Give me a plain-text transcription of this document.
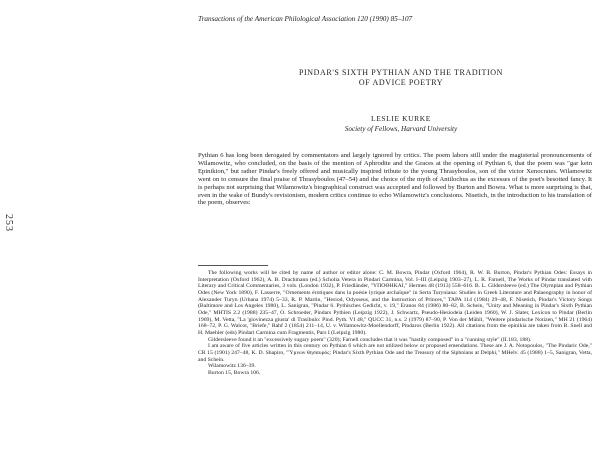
253
Transactions of the American Philological Association 120 (1990) 85–107
PINDAR'S SIXTH PYTHIAN AND THE TRADITION
OF ADVICE POETRY
LESLIE KURKE
Society of Fellows, Harvard University

Pythian 6 has long been derogated by commentators and largely ignored by critics. The poem labors still under the magisterial pronouncements of Wilamowitz, who concluded, on the basis of the mention of Aphrodite and the Graces at the opening of Pythian 6, that the poem was "gar kein Epinikion," but rather Pindar's freely offered and musically inspired tribute to the young Thrasyboulos, son of the victor Xenocrates. Wilamowitz went on to censure the final praise of Thrasyboulos (47–54) and the choice of the myth of Antilochus as the excesses of the poet's besotted fancy. It is perhaps not surprising that Wilamowitz's biographical construct was accepted and followed by Burton and Bowra. What is more surprising is that, even in the wake of Bundy's revisionism, modern critics continue to echo Wilamowitz's conclusions. Nisetich, in the introduction to his translation of the poem, observes:

The following works will be cited by name of author or editor alone: C. M. Bowra, Pindar (Oxford 1964), R. W. B. Burton, Pindar's Pythian Odes: Essays in Interpretation (Oxford 1962), A. B. Drachmann (ed.) Scholia Vetera in Pindari Carmina, Vol. I–III (Leipzig 1903–27), L. R. Farnell, The Works of Pindar translated with Literary and Critical Commentaries, 3 vols. (London 1932), P. Friedländer, "ΥΠΟΘΗΚΑΙ," Hermes 48 (1913) 558–616. B. L. Gildersleeve (ed.) The Olympian and Pythian Odes (New York 1890), F. Lasserre, "Ornements érotiques dans la poésie lyrique archaïque" in Serta Turyniana: Studies in Greek Literature and Palaeography in honor of Alexander Turyn (Urbana 1974) 5–33, R. P. Martin, "Hesiod, Odysseus, and the Instruction of Princes," TAPA 114 (1984) 29–48, F. Nisetich, Pindar's Victory Songs (Baltimore and Los Angeles 1980), L. Sanigran, "Pindar 6. Pythisches Gedicht, v. 19," Eranos 84 (1986) 80–82, B. Schein, "Unity and Meaning in Pindar's Sixth Pythian Ode," MHTIS 2.2 (1988) 235–47, O. Schroeder, Pindars Pythien (Leipzig 1922), J. Schwartz, Pseudo-Hesiodeia (Leiden 1960), W. J. Slater, Lexicon to Pindar (Berlin 1969), M. Vetta, "La 'giovinezza giusta' di Trasibulo: Pind. Pyth. VI 48," QUCC 31, n.s. 2 (1979) 87–90, P. Von der Mühll, "Weitere pindarische Notizen," MH 21 (1964) 168–72, P. G. Walcot, "Briefe," Rahf 2 (1854) 211–14, U. v. Wilamowitz-Moellendorff, Pindaros (Berlin 1922). All citations from the epinikia are taken from B. Snell and H. Maehler (eds) Pindari Carmina cum Fragmentis, Pars I (Leipzig 1980).

Gildersleeve found it an "excessively sugary poem" (320); Farnell concludes that it was "hastily composed" in a "cunning style" (II.183, 188).

I am aware of five articles written in this century on Pythian 6 which are not utilized below or proposed emendations. These are J. A. Notopoulos, "The Pindaric Ode," CR 15 (1901) 247–48, K. D. Shapiro, "Ὑμνων θησαυρός: Pindar's Sixth Pythian Ode and the Treasury of the Siphnians at Delphi," MHelv. 45 (1988) 1–5, Sanigran, Vetta, and Schein.

Wilamowitz 136–39.

Burton 15, Bowra 106.
